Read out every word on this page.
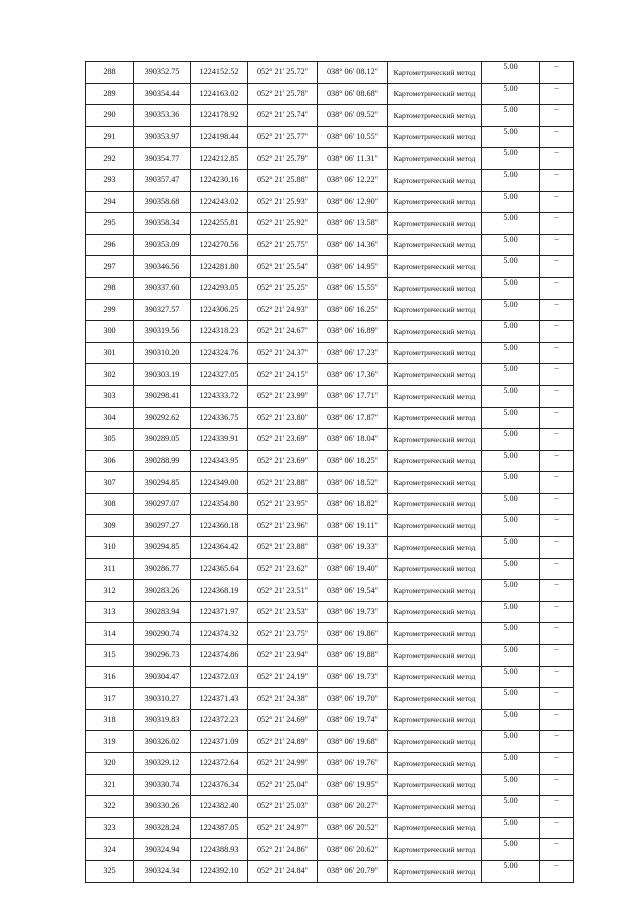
288	390352.75	1224152.52	052° 21' 25.72"	038° 06' 08.12"	Картометрический метод	5.00	–
289	390354.44	1224163.02	052° 21' 25.78"	038° 06' 08.68"	Картометрический метод	5.00	–
290	390353.36	1224178.92	052° 21' 25.74"	038° 06' 09.52"	Картометрический метод	5.00	–
291	390353.97	1224198.44	052° 21' 25.77"	038° 06' 10.55"	Картометрический метод	5.00	–
292	390354.77	1224212.85	052° 21' 25.79"	038° 06' 11.31"	Картометрический метод	5.00	–
293	390357.47	1224230.16	052° 21' 25.88"	038° 06' 12.22"	Картометрический метод	5.00	–
294	390358.68	1224243.02	052° 21' 25.93"	038° 06' 12.90"	Картометрический метод	5.00	–
295	390358.34	1224255.81	052° 21' 25.92"	038° 06' 13.58"	Картометрический метод	5.00	–
296	390353.09	1224270.56	052° 21' 25.75"	038° 06' 14.36"	Картометрический метод	5.00	–
297	390346.56	1224281.80	052° 21' 25.54"	038° 06' 14.95"	Картометрический метод	5.00	–
298	390337.60	1224293.05	052° 21' 25.25"	038° 06' 15.55"	Картометрический метод	5.00	–
299	390327.57	1224306.25	052° 21' 24.93"	038° 06' 16.25"	Картометрический метод	5.00	–
300	390319.56	1224318.23	052° 21' 24.67"	038° 06' 16.89"	Картометрический метод	5.00	–
301	390310.20	1224324.76	052° 21' 24.37"	038° 06' 17.23"	Картометрический метод	5.00	–
302	390303.19	1224327.05	052° 21' 24.15"	038° 06' 17.36"	Картометрический метод	5.00	–
303	390298.41	1224333.72	052° 21' 23.99"	038° 06' 17.71"	Картометрический метод	5.00	–
304	390292.62	1224336.75	052° 21' 23.80"	038° 06' 17.87"	Картометрический метод	5.00	–
305	390289.05	1224339.91	052° 21' 23.69"	038° 06' 18.04"	Картометрический метод	5.00	–
306	390288.99	1224343.95	052° 21' 23.69"	038° 06' 18.25"	Картометрический метод	5.00	–
307	390294.85	1224349.00	052° 21' 23.88"	038° 06' 18.52"	Картометрический метод	5.00	–
308	390297.07	1224354.80	052° 21' 23.95"	038° 06' 18.82"	Картометрический метод	5.00	–
309	390297.27	1224360.18	052° 21' 23.96"	038° 06' 19.11"	Картометрический метод	5.00	–
310	390294.85	1224364.42	052° 21' 23.88"	038° 06' 19.33"	Картометрический метод	5.00	–
311	390286.77	1224365.64	052° 21' 23.62"	038° 06' 19.40"	Картометрический метод	5.00	–
312	390283.26	1224368.19	052° 21' 23.51"	038° 06' 19.54"	Картометрический метод	5.00	–
313	390283.94	1224371.97	052° 21' 23.53"	038° 06' 19.73"	Картометрический метод	5.00	–
314	390290.74	1224374.32	052° 21' 23.75"	038° 06' 19.86"	Картометрический метод	5.00	–
315	390296.73	1224374.86	052° 21' 23.94"	038° 06' 19.88"	Картометрический метод	5.00	–
316	390304.47	1224372.03	052° 21' 24.19"	038° 06' 19.73"	Картометрический метод	5.00	–
317	390310.27	1224371.43	052° 21' 24.38"	038° 06' 19.70"	Картометрический метод	5.00	–
318	390319.83	1224372.23	052° 21' 24.69"	038° 06' 19.74"	Картометрический метод	5.00	–
319	390326.02	1224371.09	052° 21' 24.89"	038° 06' 19.68"	Картометрический метод	5.00	–
320	390329.12	1224372.64	052° 21' 24.99"	038° 06' 19.76"	Картометрический метод	5.00	–
321	390330.74	1224376.34	052° 21' 25.04"	038° 06' 19.95"	Картометрический метод	5.00	–
322	390330.26	1224382.40	052° 21' 25.03"	038° 06' 20.27"	Картометрический метод	5.00	–
323	390328.24	1224387.05	052° 21' 24.97"	038° 06' 20.52"	Картометрический метод	5.00	–
324	390324.94	1224388.93	052° 21' 24.86"	038° 06' 20.62"	Картометрический метод	5.00	–
325	390324.34	1224392.10	052° 21' 24.84"	038° 06' 20.79"	Картометрический метод	5.00	–
